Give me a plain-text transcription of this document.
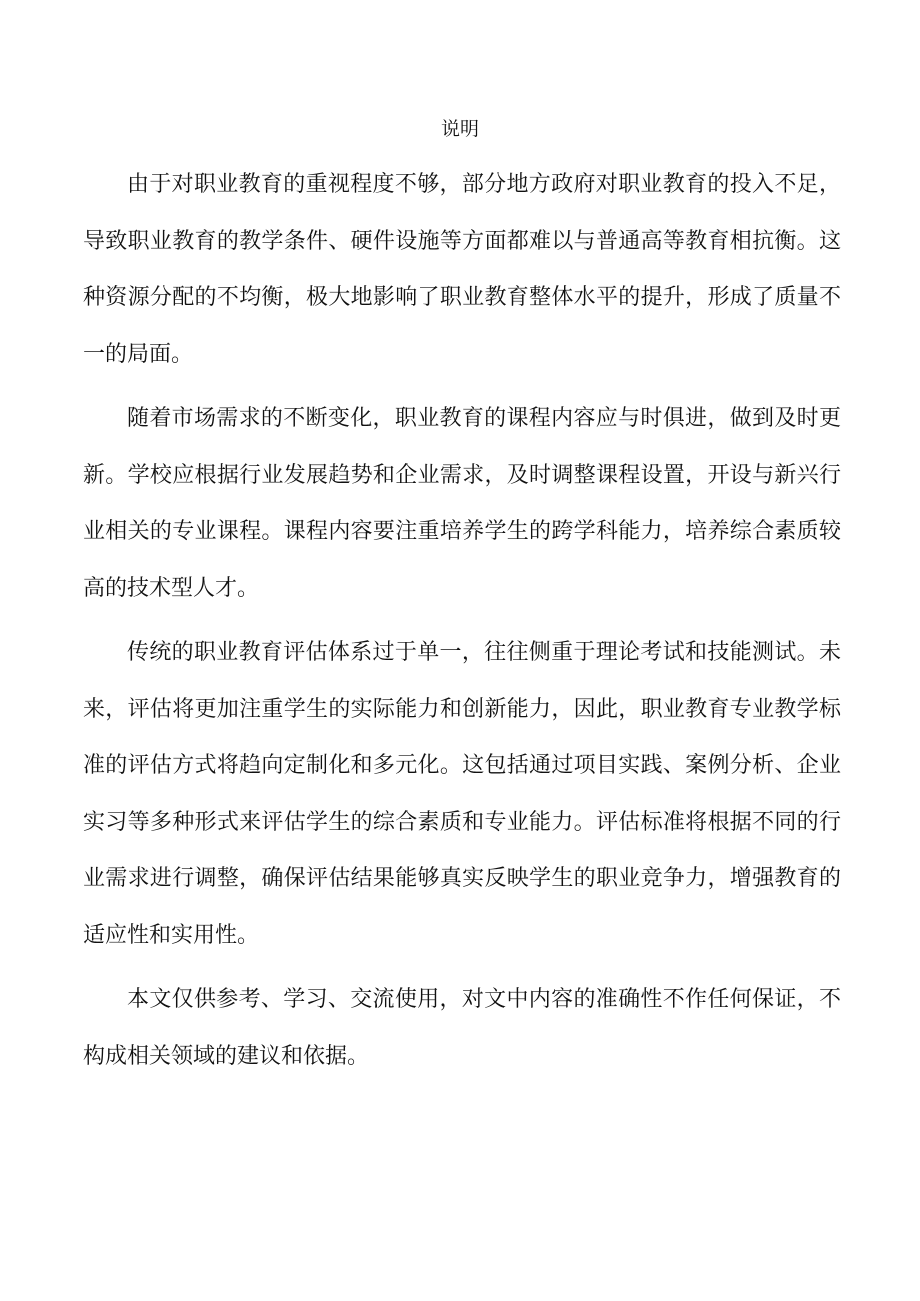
说明

由于对职业教育的重视程度不够，部分地方政府对职业教育的投入不足，导致职业教育的教学条件、硬件设施等方面都难以与普通高等教育相抗衡。这种资源分配的不均衡，极大地影响了职业教育整体水平的提升，形成了质量不一的局面。

随着市场需求的不断变化，职业教育的课程内容应与时俱进，做到及时更新。学校应根据行业发展趋势和企业需求，及时调整课程设置，开设与新兴行业相关的专业课程。课程内容要注重培养学生的跨学科能力，培养综合素质较高的技术型人才。

传统的职业教育评估体系过于单一，往往侧重于理论考试和技能测试。未来，评估将更加注重学生的实际能力和创新能力，因此，职业教育专业教学标准的评估方式将趋向定制化和多元化。这包括通过项目实践、案例分析、企业实习等多种形式来评估学生的综合素质和专业能力。评估标准将根据不同的行业需求进行调整，确保评估结果能够真实反映学生的职业竞争力，增强教育的适应性和实用性。

本文仅供参考、学习、交流使用，对文中内容的准确性不作任何保证，不构成相关领域的建议和依据。
